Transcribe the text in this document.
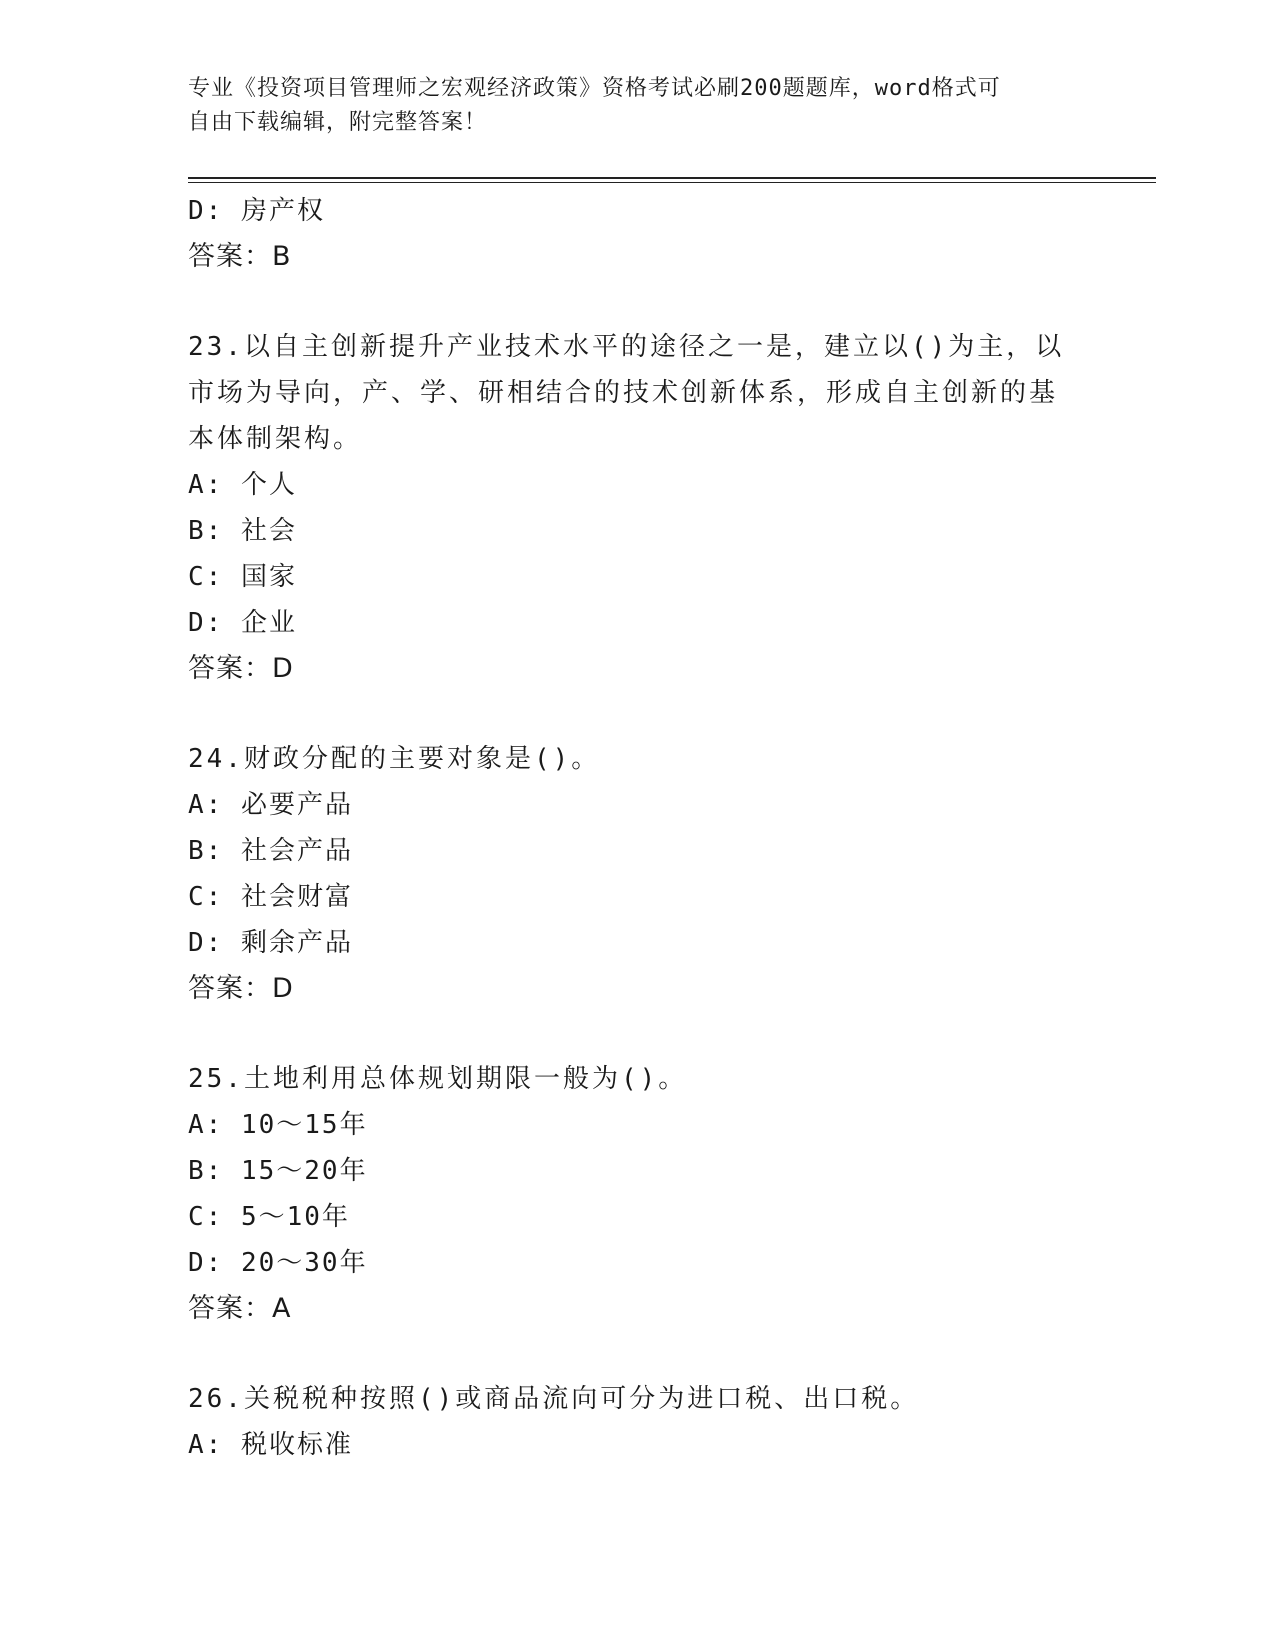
专业《投资项目管理师之宏观经济政策》资格考试必刷200题题库，word格式可
自由下载编辑，附完整答案！
D: 房产权
答案：B
23.以自主创新提升产业技术水平的途径之一是，建立以()为主，以市场为导向，产、学、研相结合的技术创新体系，形成自主创新的基本体制架构。
A: 个人
B: 社会
C: 国家
D: 企业
答案：D
24.财政分配的主要对象是()。
A: 必要产品
B: 社会产品
C: 社会财富
D: 剩余产品
答案：D
25.土地利用总体规划期限一般为()。
A: 10～15年
B: 15～20年
C: 5～10年
D: 20～30年
答案：A
26.关税税种按照()或商品流向可分为进口税、出口税。
A: 税收标准
